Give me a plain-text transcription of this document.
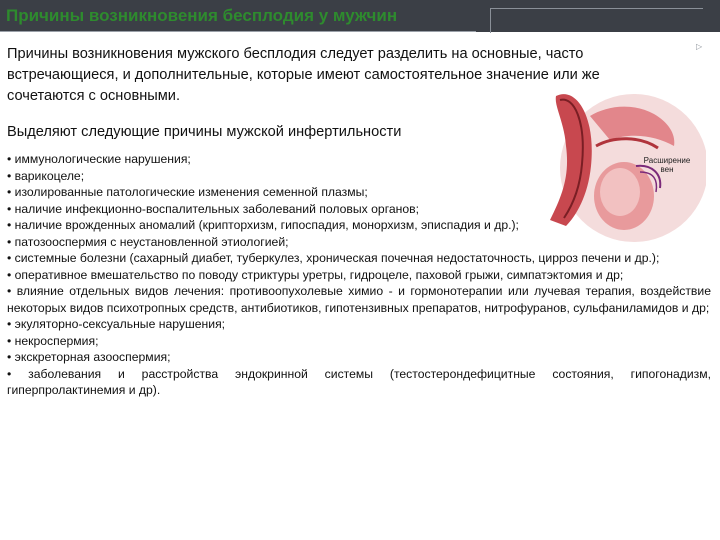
Причины возникновения бесплодия у мужчин
▷
Причины возникновения мужского бесплодия следует разделить на основные, часто встречающиеся, и дополнительные, которые имеют самостоятельное значение или же сочетаются с основными.
Расширение вен
Выделяют следующие причины мужской инфертильности
• иммунологические нарушения;
• варикоцеле;
• изолированные патологические изменения семенной плазмы;
• наличие инфекционно-воспалительных заболеваний половых органов;
• наличие врожденных аномалий (крипторхизм, гипоспадия, монорхизм, эписпадия и др.);
• патозооспермия с неустановленной этиологией;
• системные болезни (сахарный диабет, туберкулез, хроническая почечная недостаточность, цирроз печени и др.);
• оперативное вмешательство по поводу стриктуры уретры, гидроцеле, паховой грыжи, симпатэктомия и др;
• влияние отдельных видов лечения: противоопухолевые химио - и гормонотерапии или лучевая терапия, воздействие некоторых видов психотропных средств, антибиотиков, гипотензивных препаратов, нитрофуранов, сульфаниламидов и др;
• экуляторно-сексуальные нарушения;
• некроспермия;
• экскреторная азооспермия;
• заболевания и расстройства эндокринной системы (тестостерондефицитные состояния, гипогонадизм, гиперпролактинемия и др).
